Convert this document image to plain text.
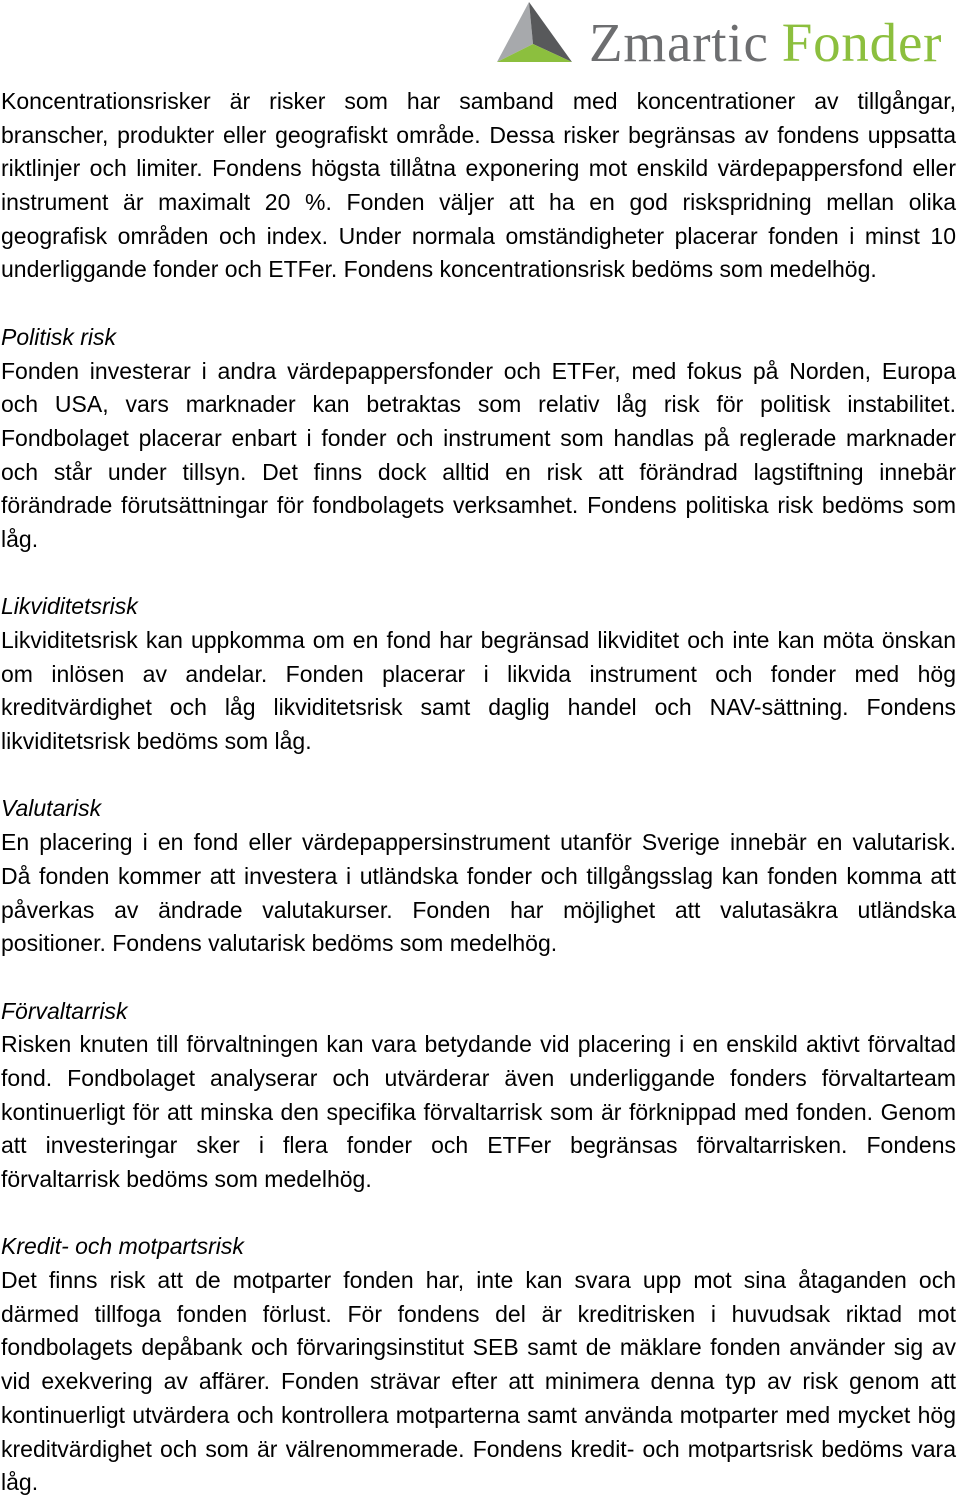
Zmartic Fonder
Koncentrationsrisker är risker som har samband med koncentrationer av tillgångar,
branscher, produkter eller geografiskt område. Dessa risker begränsas av fondens uppsatta
riktlinjer och limiter. Fondens högsta tillåtna exponering mot enskild värdepappersfond eller
instrument är maximalt 20 %. Fonden väljer att ha en god riskspridning mellan olika
geografisk områden och index. Under normala omständigheter placerar fonden i minst 10
underliggande fonder och ETFer. Fondens koncentrationsrisk bedöms som medelhög.
Politisk risk
Fonden investerar i andra värdepappersfonder och ETFer, med fokus på Norden, Europa
och USA, vars marknader kan betraktas som relativ låg risk för politisk instabilitet.
Fondbolaget placerar enbart i fonder och instrument som handlas på reglerade marknader
och står under tillsyn. Det finns dock alltid en risk att förändrad lagstiftning innebär
förändrade förutsättningar för fondbolagets verksamhet. Fondens politiska risk bedöms som
låg.
Likviditetsrisk
Likviditetsrisk kan uppkomma om en fond har begränsad likviditet och inte kan möta önskan
om inlösen av andelar. Fonden placerar i likvida instrument och fonder med hög
kreditvärdighet och låg likviditetsrisk samt daglig handel och NAV-sättning. Fondens
likviditetsrisk bedöms som låg.
Valutarisk
En placering i en fond eller värdepappersinstrument utanför Sverige innebär en valutarisk.
Då fonden kommer att investera i utländska fonder och tillgångsslag kan fonden komma att
påverkas av ändrade valutakurser. Fonden har möjlighet att valutasäkra utländska
positioner. Fondens valutarisk bedöms som medelhög.
Förvaltarrisk
Risken knuten till förvaltningen kan vara betydande vid placering i en enskild aktivt förvaltad
fond. Fondbolaget analyserar och utvärderar även underliggande fonders förvaltarteam
kontinuerligt för att minska den specifika förvaltarrisk som är förknippad med fonden. Genom
att investeringar sker i flera fonder och ETFer begränsas förvaltarrisken. Fondens
förvaltarrisk bedöms som medelhög.
Kredit- och motpartsrisk
Det finns risk att de motparter fonden har, inte kan svara upp mot sina åtaganden och
därmed tillfoga fonden förlust. För fondens del är kreditrisken i huvudsak riktad mot
fondbolagets depåbank och förvaringsinstitut SEB samt de mäklare fonden använder sig av
vid exekvering av affärer. Fonden strävar efter att minimera denna typ av risk genom att
kontinuerligt utvärdera och kontrollera motparterna samt använda motparter med mycket hög
kreditvärdighet och som är välrenommerade. Fondens kredit- och motpartsrisk bedöms vara
låg.
